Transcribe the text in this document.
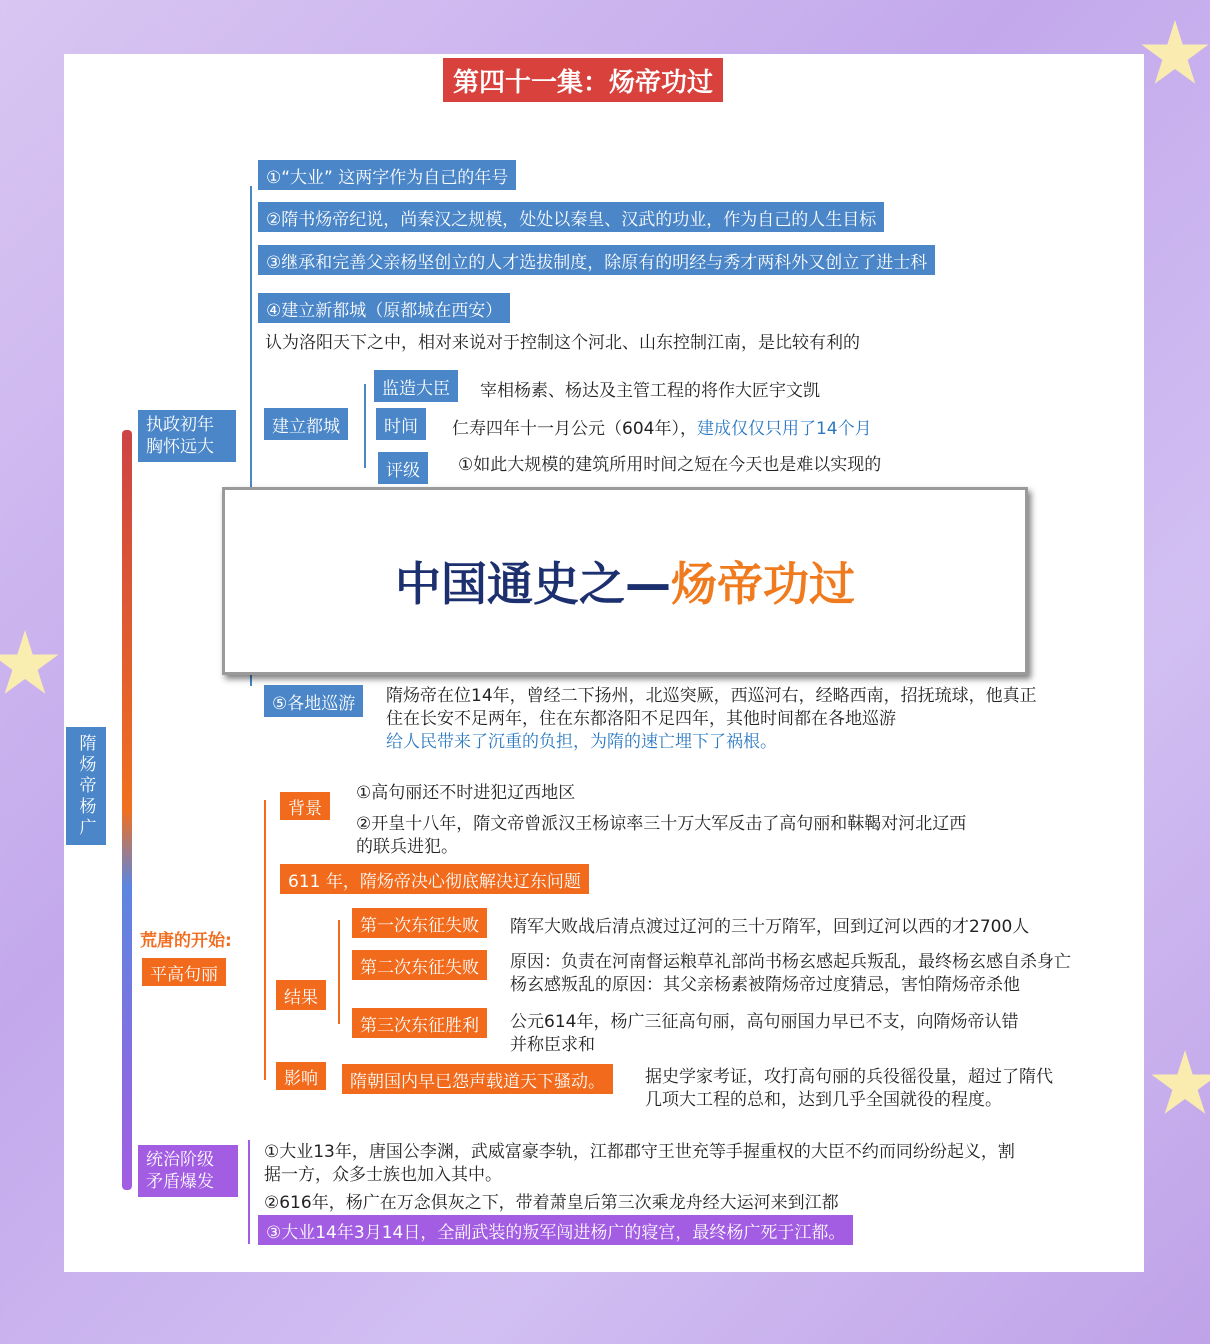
第四十一集：炀帝功过
隋炀帝杨广
执政初年胸怀远大
①“大业” 这两字作为自己的年号
②隋书炀帝纪说，尚秦汉之规模，处处以秦皇、汉武的功业，作为自己的人生目标
③继承和完善父亲杨坚创立的人才选拔制度，除原有的明经与秀才两科外又创立了进士科
④建立新都城（原都城在西安）
认为洛阳天下之中，相对来说对于控制这个河北、山东控制江南，是比较有利的
建立都城
监造大臣	宰相杨素、杨达及主管工程的将作大匠宇文凯
时间	仁寿四年十一月公元（604年），建成仅仅只用了14个月
评级	①如此大规模的建筑所用时间之短在今天也是难以实现的
中国通史之— 炀帝功过
⑤各地巡游	隋炀帝在位14年，曾经二下扬州，北巡突厥，西巡河右，经略西南，招抚琉球，他真正
住在长安不足两年，住在东都洛阳不足四年，其他时间都在各地巡游
给人民带来了沉重的负担，为隋的速亡埋下了祸根。
荒唐的开始:
平高句丽
背景
①高句丽还不时进犯辽西地区
②开皇十八年，隋文帝曾派汉王杨谅率三十万大军反击了高句丽和靺鞨对河北辽西
的联兵进犯。
611 年，隋炀帝决心彻底解决辽东问题
结果
第一次东征失败	隋军大败战后清点渡过辽河的三十万隋军，回到辽河以西的才2700人
第二次东征失败	原因：负责在河南督运粮草礼部尚书杨玄感起兵叛乱，最终杨玄感自杀身亡
杨玄感叛乱的原因：其父亲杨素被隋炀帝过度猜忌，害怕隋炀帝杀他
第三次东征胜利	公元614年，杨广三征高句丽，高句丽国力早已不支，向隋炀帝认错
并称臣求和
影响	隋朝国内早已怨声载道天下骚动。	据史学家考证，攻打高句丽的兵役徭役量，超过了隋代
几项大工程的总和，达到几乎全国就役的程度。
统治阶级矛盾爆发
①大业13年，唐国公李渊，武威富豪李轨，江都郡守王世充等手握重权的大臣不约而同纷纷起义，割
据一方，众多士族也加入其中。
②616年，杨广在万念俱灰之下，带着萧皇后第三次乘龙舟经大运河来到江都
③大业14年3月14日，全副武装的叛军闯进杨广的寝宫，最终杨广死于江都。
